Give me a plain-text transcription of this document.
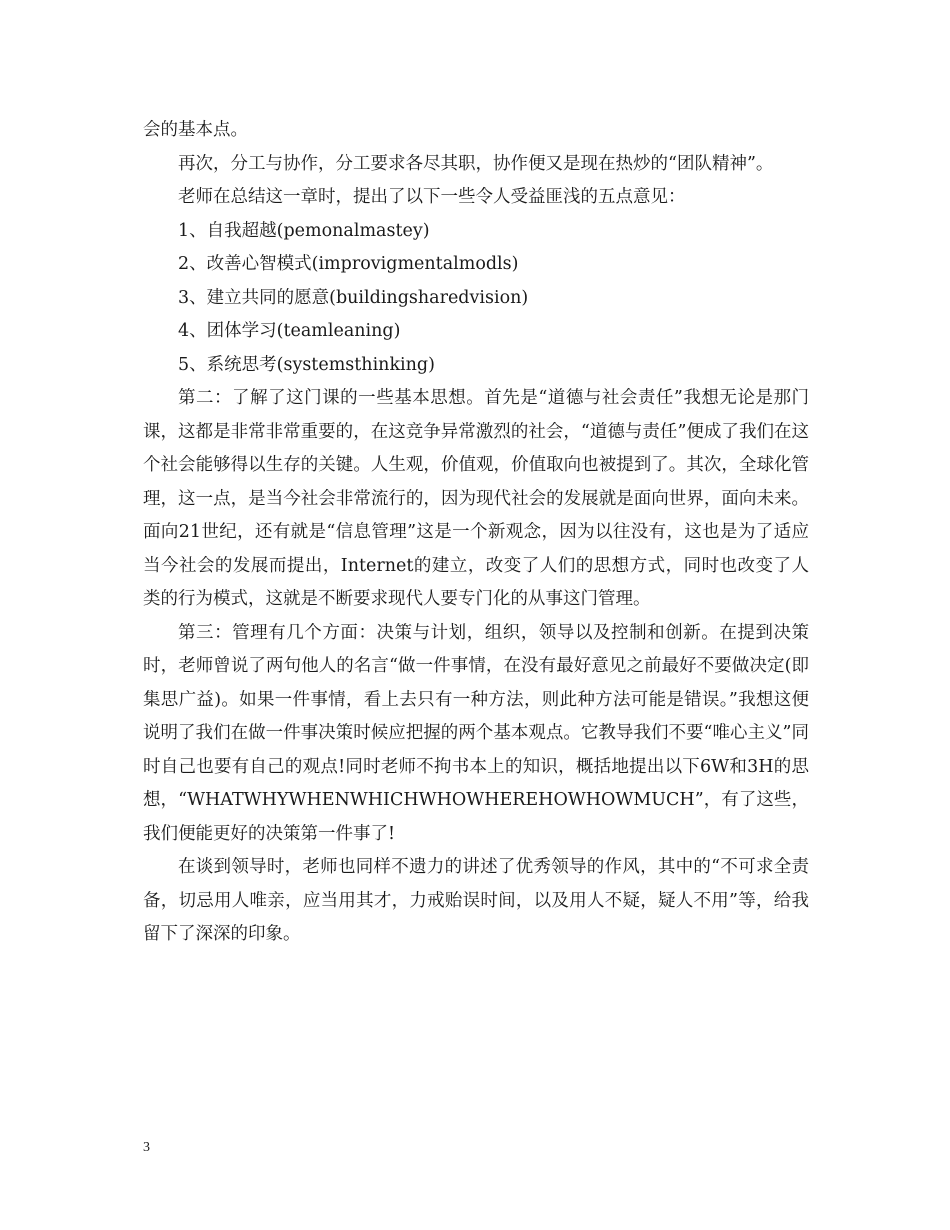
会的基本点。

再次，分工与协作，分工要求各尽其职，协作便又是现在热炒的“团队精神”。

老师在总结这一章时，提出了以下一些令人受益匪浅的五点意见：

1、自我超越(pemonalmastey)

2、改善心智模式(improvigmentalmodls)

3、建立共同的愿意(buildingsharedvision)

4、团体学习(teamleaning)

5、系统思考(systemsthinking)

第二：了解了这门课的一些基本思想。首先是“道德与社会责任”我想无论是那门课，这都是非常非常重要的，在这竞争异常激烈的社会，“道德与责任”便成了我们在这个社会能够得以生存的关键。人生观，价值观，价值取向也被提到了。其次，全球化管理，这一点，是当今社会非常流行的，因为现代社会的发展就是面向世界，面向未来。面向21世纪，还有就是“信息管理”这是一个新观念，因为以往没有，这也是为了适应当今社会的发展而提出，Internet的建立，改变了人们的思想方式，同时也改变了人类的行为模式，这就是不断要求现代人要专门化的从事这门管理。

第三：管理有几个方面：决策与计划，组织，领导以及控制和创新。在提到决策时，老师曾说了两句他人的名言“做一件事情，在没有最好意见之前最好不要做决定(即集思广益)。如果一件事情，看上去只有一种方法，则此种方法可能是错误。”我想这便说明了我们在做一件事决策时候应把握的两个基本观点。它教导我们不要“唯心主义”同时自己也要有自己的观点!同时老师不拘书本上的知识，概括地提出以下6W和3H的思想，“WHATWHYWHENWHICHWHOWHEREHOWHOWMUCH”，有了这些，我们便能更好的决策第一件事了!

在谈到领导时，老师也同样不遗力的讲述了优秀领导的作风，其中的“不可求全责备，切忌用人唯亲，应当用其才，力戒贻误时间，以及用人不疑，疑人不用”等，给我留下了深深的印象。

3
